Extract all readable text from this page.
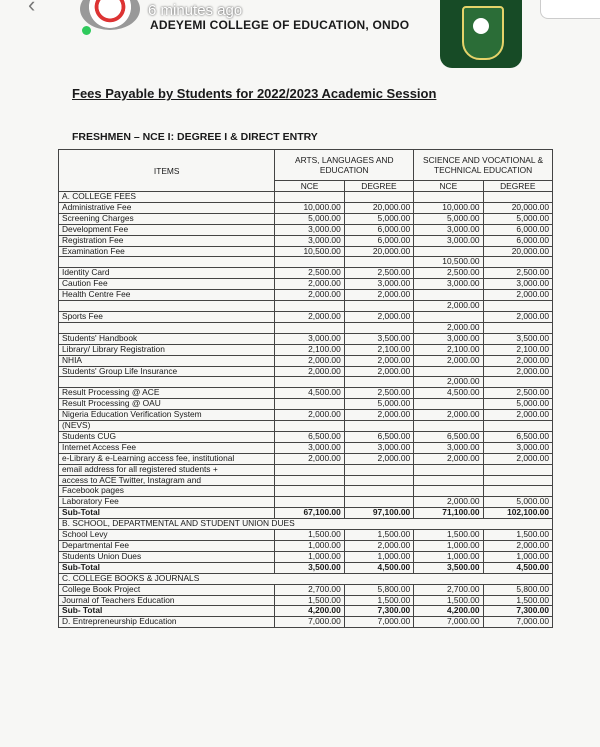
‹	6 minutes ago
ADEYEMI COLLEGE OF EDUCATION, ONDO
Fees Payable by Students for 2022/2023 Academic Session
FRESHMEN – NCE I: DEGREE I & DIRECT ENTRY
ITEMS	ARTS, LANGUAGES AND EDUCATION		SCIENCE AND VOCATIONAL & TECHNICAL EDUCATION	
	NCE	DEGREE	NCE	DEGREE
A. COLLEGE FEES				
Administrative Fee	10,000.00	20,000.00	10,000.00	20,000.00
Screening Charges	5,000.00	5,000.00	5,000.00	5,000.00
Development Fee	3,000.00	6,000.00	3,000.00	6,000.00
Registration Fee	3,000.00	6,000.00	3,000.00	6,000.00
Examination Fee	10,500.00	20,000.00		20,000.00
			10,500.00	
Identity Card	2,500.00	2,500.00	2,500.00	2,500.00
Caution Fee	2,000.00	3,000.00	3,000.00	3,000.00
Health Centre Fee	2,000.00	2,000.00		2,000.00
			2,000.00	
Sports Fee	2,000.00	2,000.00		2,000.00
			2,000.00	
Students' Handbook	3,000.00	3,500.00	3,000.00	3,500.00
Library/ Library Registration	2,100.00	2,100.00	2,100.00	2,100.00
NHIA	2,000.00	2,000.00	2,000.00	2,000.00
Students' Group Life Insurance	2,000.00	2,000.00		2,000.00
			2,000.00	
Result Processing @ ACE	4,500.00	2,500.00	4,500.00	2,500.00
Result Processing @ OAU		5,000.00		5,000.00
Nigeria Education Verification System	2,000.00	2,000.00	2,000.00	2,000.00
(NEVS)				
Students CUG	6,500.00	6,500.00	6,500.00	6,500.00
Internet Access Fee	3,000.00	3,000.00	3,000.00	3,000.00
e-Library & e-Learning access fee, institutional	2,000.00	2,000.00	2,000.00	2,000.00
email address for all registered students +				
access to ACE Twitter, Instagram and				
Facebook pages				
Laboratory Fee			2,000.00	5,000.00
Sub-Total	67,100.00	97,100.00	71,100.00	102,100.00
B. SCHOOL, DEPARTMENTAL AND STUDENT UNION DUES				
School Levy	1,500.00	1,500.00	1,500.00	1,500.00
Departmental Fee	1,000.00	2,000.00	1,000.00	2,000.00
Students Union Dues	1,000.00	1,000.00	1,000.00	1,000.00
Sub-Total	3,500.00	4,500.00	3,500.00	4,500.00
C. COLLEGE BOOKS & JOURNALS				
College Book Project	2,700.00	5,800.00	2,700.00	5,800.00
Journal of Teachers Education	1,500.00	1,500.00	1,500.00	1,500.00
Sub- Total	4,200.00	7,300.00	4,200.00	7,300.00
D. Entrepreneurship Education	7,000.00	7,000.00	7,000.00	7,000.00
